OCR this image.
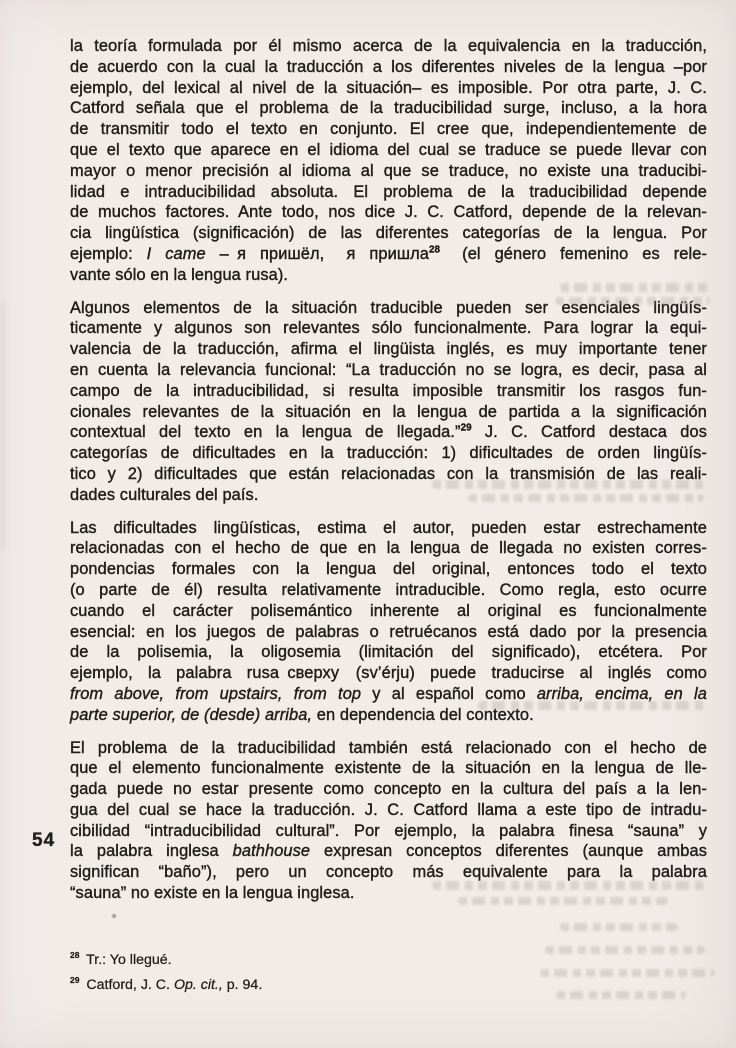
54
la teoría formulada por él mismo acerca de la equivalencia en la traducción,
de acuerdo con la cual la traducción a los diferentes niveles de la lengua –por
ejemplo, del lexical al nivel de la situación– es imposible. Por otra parte, J. C.
Catford señala que el problema de la traducibilidad surge, incluso, a la hora
de transmitir todo el texto en conjunto. El cree que, independientemente de
que el texto que aparece en el idioma del cual se traduce se puede llevar con
mayor o menor precisión al idioma al que se traduce, no existe una traducibi-
lidad e intraducibilidad absoluta. El problema de la traducibilidad depende
de muchos factores. Ante todo, nos dice J. C. Catford, depende de la relevan-
cia lingüística (significación) de las diferentes categorías de la lengua. Por
ejemplo: I came – я пришёл,  я пришла$^{28}$  (el género femenino es rele-
vante sólo en la lengua rusa).
Algunos elementos de la situación traducible pueden ser esenciales lingüís-
ticamente y algunos son relevantes sólo funcionalmente. Para lograr la equi-
valencia de la traducción, afirma el lingüista inglés, es muy importante tener
en cuenta la relevancia funcional: “La traducción no se logra, es decir, pasa al
campo de la intraducibilidad, si resulta imposible transmitir los rasgos fun-
cionales relevantes de la situación en la lengua de partida a la significación
contextual del texto en la lengua de llegada.”$^{29}$ J. C. Catford destaca dos
categorías de dificultades en la traducción: 1) dificultades de orden lingüís-
tico y 2) dificultades que están relacionadas con la transmisión de las reali-
dades culturales del país.
Las dificultades lingüísticas, estima el autor, pueden estar estrechamente
relacionadas con el hecho de que en la lengua de llegada no existen corres-
pondencias formales con la lengua del original, entonces todo el texto
(o parte de él) resulta relativamente intraducible. Como regla, esto ocurre
cuando el carácter polisemántico inherente al original es funcionalmente
esencial: en los juegos de palabras o retruécanos está dado por la presencia
de la polisemia, la oligosemia (limitación del significado), etcétera. Por
ejemplo, la palabra rusa сверху  (sv’érju) puede traducirse al inglés como
from above, from upstairs, from top y al español como arriba, encima, en la
parte superior, de (desde) arriba, en dependencia del contexto.
El problema de la traducibilidad también está relacionado con el hecho de
que el elemento funcionalmente existente de la situación en la lengua de lle-
gada puede no estar presente como concepto en la cultura del país a la len-
gua del cual se hace la traducción. J. C. Catford llama a este tipo de intradu-
cibilidad “intraducibilidad cultural”. Por ejemplo, la palabra finesa “sauna” y
la palabra inglesa bathhouse expresan conceptos diferentes (aunque ambas
significan “baño”), pero un concepto más equivalente para la palabra
“sauna” no existe en la lengua inglesa.
$^{28}$ Tr.: Yo llegué.
$^{29}$ Catford, J. C. Op. cit., p. 94.
